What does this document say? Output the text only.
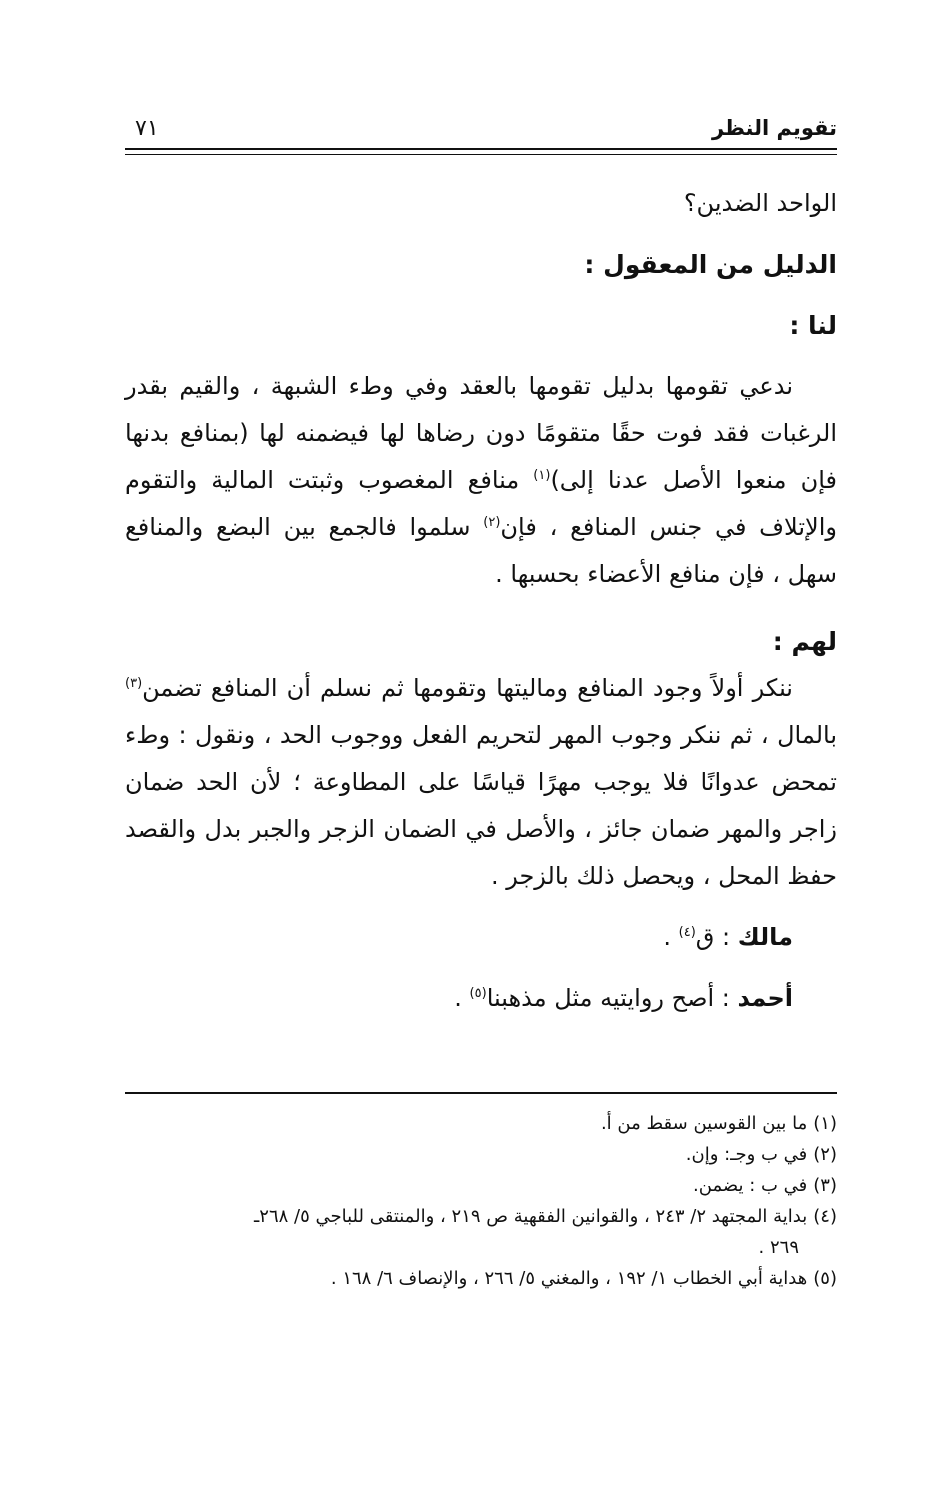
تقويم النظر
٧١

الواحد الضدين؟

الدليل من المعقول :

لنا :

ندعي تقومها بدليل تقومها بالعقد وفي وطء الشبهة ، والقيم بقدر الرغبات فقد فوت حقًا متقومًا دون رضاها لها فيضمنه لها (بمنافع بدنها فإن منعوا الأصل عدنا إلى)$^{(١)}$ منافع المغصوب وثبتت المالية والتقوم والإتلاف في جنس المنافع ، فإن$^{(٢)}$ سلموا فالجمع بين البضع والمنافع سهل ، فإن منافع الأعضاء بحسبها .

لهم :

ننكر أولاً وجود المنافع وماليتها وتقومها ثم نسلم أن المنافع تضمن$^{(٣)}$ بالمال ، ثم ننكر وجوب المهر لتحريم الفعل ووجوب الحد ، ونقول : وطء تمحض عدوانًا فلا يوجب مهرًا قياسًا على المطاوعة ؛ لأن الحد ضمان زاجر والمهر ضمان جائز ، والأصل في الضمان الزجر والجبر بدل والقصد حفظ المحل ، ويحصل ذلك بالزجر .

مالك : ق$^{(٤)}$ .

أحمد : أصح روايتيه مثل مذهبنا$^{(٥)}$ .

(١)ما بين القوسين سقط من أ.

(٢)في ب وجـ: وإن.

(٣)في ب : يضمن.

(٤)بداية المجتهد ٢/ ٢٤٣ ، والقوانين الفقهية ص ٢١٩ ، والمنتقى للباجي ٥/ ٢٦٨ـ

٢٦٩ .

(٥)هداية أبي الخطاب ١/ ١٩٢ ، والمغني ٥/ ٢٦٦ ، والإنصاف ٦/ ١٦٨ .
